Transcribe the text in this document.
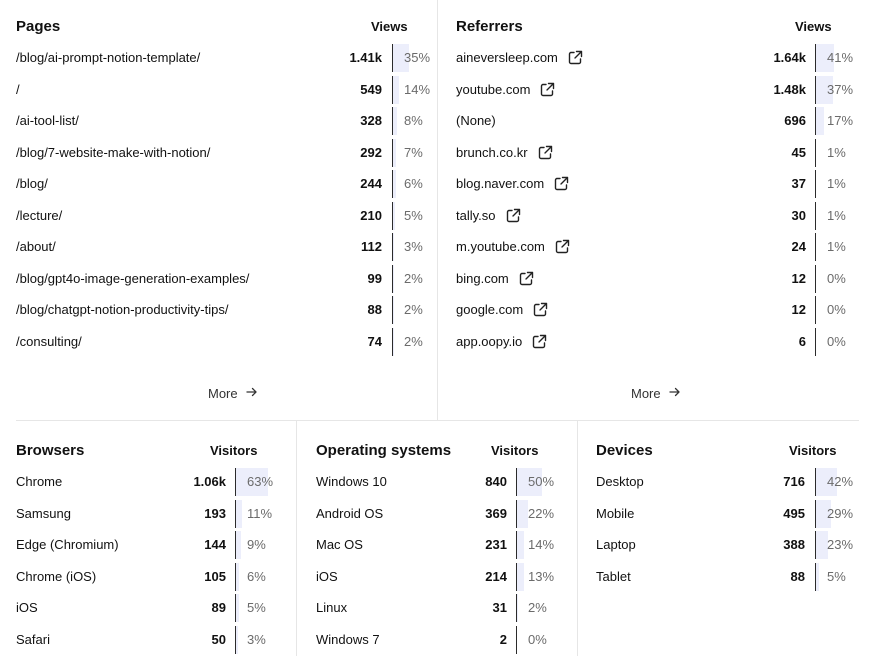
Pages	Views
/blog/ai-prompt-notion-template/	1.41k 35%
/	549 14%
/ai-tool-list/	328 8%
/blog/7-website-make-with-notion/	292 7%
/blog/	244 6%
/lecture/	210 5%
/about/	112 3%
/blog/gpt4o-image-generation-examples/	99 2%
/blog/chatgpt-notion-productivity-tips/	88 2%
/consulting/	74 2%
More
Referrers	Views
aineversleep.com	1.64k 41%
youtube.com	1.48k 37%
(None)	696 17%
brunch.co.kr	45 1%
blog.naver.com	37 1%
tally.so	30 1%
m.youtube.com	24 1%
bing.com	12 0%
google.com	12 0%
app.oopy.io	6 0%
More
Browsers	Visitors
Chrome	1.06k 63%
Samsung	193 11%
Edge (Chromium)	144 9%
Chrome (iOS)	105 6%
iOS	89 5%
Safari	50 3%
Operating systems	Visitors
Windows 10	840 50%
Android OS	369 22%
Mac OS	231 14%
iOS	214 13%
Linux	31 2%
Windows 7	2 0%
Devices	Visitors
Desktop	716 42%
Mobile	495 29%
Laptop	388 23%
Tablet	88 5%
